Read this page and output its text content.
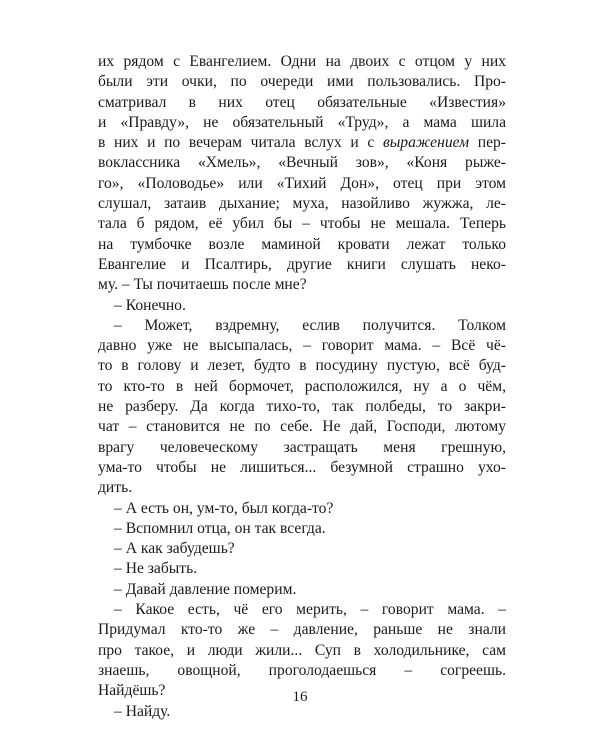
их рядом с Евангелием. Одни на двоих с отцом у них
были эти очки, по очереди ими пользовались. Про-
сматривал в них отец обязательные «Известия»
и «Правду», не обязательный «Труд», а мама шила
в них и по вечерам читала вслух и с выражением пер-
воклассника «Хмель», «Вечный зов», «Коня рыже-
го», «Половодье» или «Тихий Дон», отец при этом
слушал, затаив дыхание; муха, назойливо жужжа, ле-
тала б рядом, её убил бы – чтобы не мешала. Теперь
на тумбочке возле маминой кровати лежат только
Евангелие и Псалтирь, другие книги слушать неко-
му. – Ты почитаешь после мне?
– Конечно.
– Может, вздремну, еслив получится. Толком
давно уже не высыпалась, – говорит мама. – Всё чё-
то в голову и лезет, будто в посудину пустую, всё буд-
то кто-то в ней бормочет, расположился, ну а о чём,
не разберу. Да когда тихо-то, так полбеды, то закри-
чат – становится не по себе. Не дай, Господи, лютому
врагу человеческому застращать меня грешную,
ума-то чтобы не лишиться... безумной страшно ухо-
дить.
– А есть он, ум-то, был когда-то?
– Вспомнил отца, он так всегда.
– А как забудешь?
– Не забыть.
– Давай давление померим.
– Какое есть, чё его мерить, – говорит мама. –
Придумал кто-то же – давление, раньше не знали
про такое, и люди жили... Суп в холодильнике, сам
знаешь, овощной, проголодаешься – согреешь.
Найдёшь?
– Найду.
16
